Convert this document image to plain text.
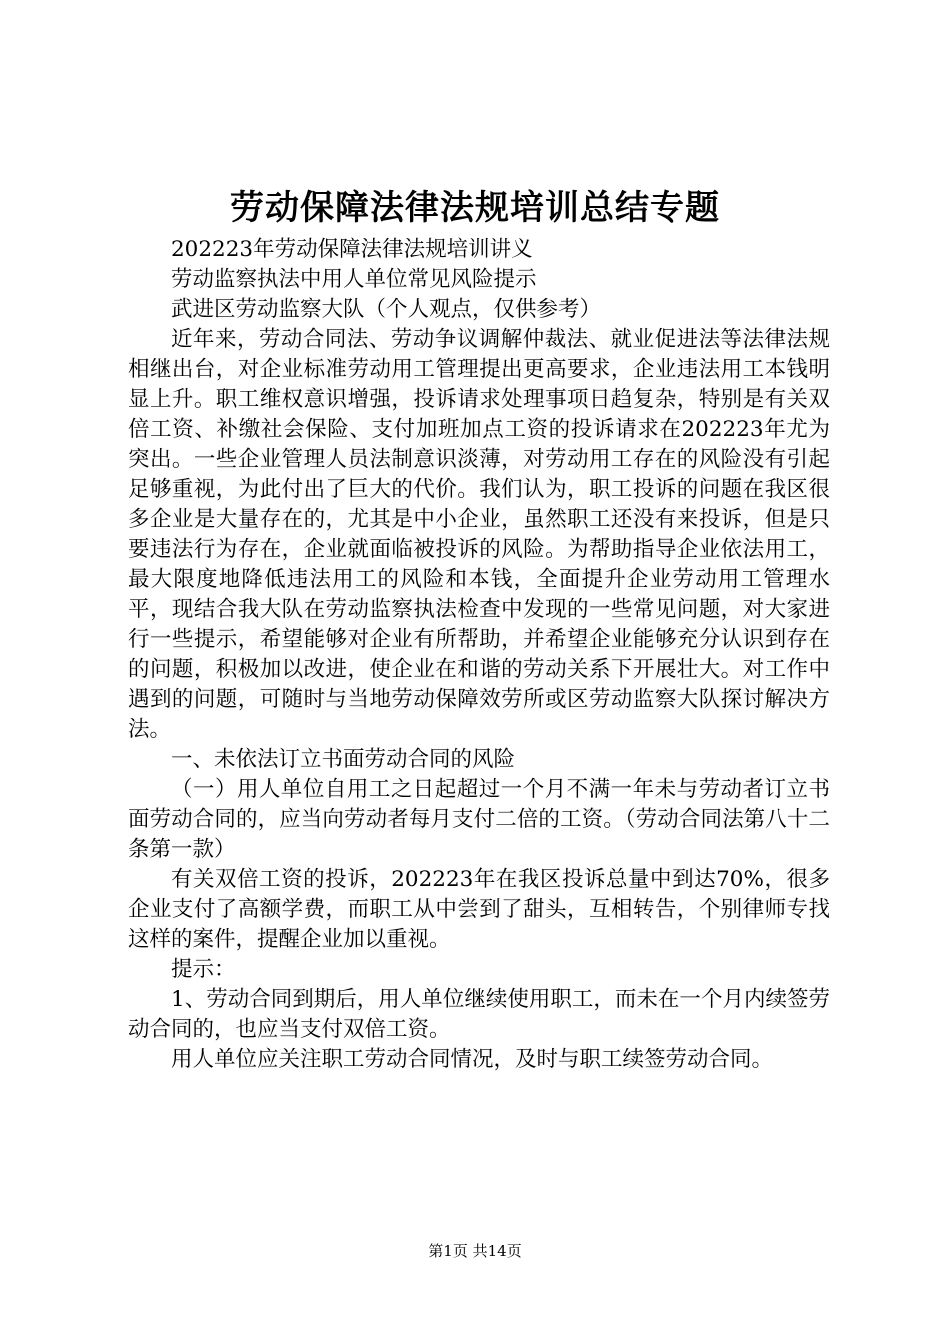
劳动保障法律法规培训总结专题

202223年劳动保障法律法规培训讲义

劳动监察执法中用人单位常见风险提示

武进区劳动监察大队（个人观点，仅供参考）

近年来，劳动合同法、劳动争议调解仲裁法、就业促进法等法律法规相继出台，对企业标准劳动用工管理提出更高要求，企业违法用工本钱明显上升。职工维权意识增强，投诉请求处理事项日趋复杂，特别是有关双倍工资、补缴社会保险、支付加班加点工资的投诉请求在202223年尤为突出。一些企业管理人员法制意识淡薄，对劳动用工存在的风险没有引起足够重视，为此付出了巨大的代价。我们认为，职工投诉的问题在我区很多企业是大量存在的，尤其是中小企业，虽然职工还没有来投诉，但是只要违法行为存在，企业就面临被投诉的风险。为帮助指导企业依法用工，最大限度地降低违法用工的风险和本钱，全面提升企业劳动用工管理水平，现结合我大队在劳动监察执法检查中发现的一些常见问题，对大家进行一些提示，希望能够对企业有所帮助，并希望企业能够充分认识到存在的问题，积极加以改进，使企业在和谐的劳动关系下开展壮大。对工作中遇到的问题，可随时与当地劳动保障效劳所或区劳动监察大队探讨解决方法。

一、未依法订立书面劳动合同的风险

（一）用人单位自用工之日起超过一个月不满一年未与劳动者订立书面劳动合同的，应当向劳动者每月支付二倍的工资。（劳动合同法第八十二条第一款）

有关双倍工资的投诉，202223年在我区投诉总量中到达70%，很多企业支付了高额学费，而职工从中尝到了甜头，互相转告，个别律师专找这样的案件，提醒企业加以重视。

提示：

1、劳动合同到期后，用人单位继续使用职工，而未在一个月内续签劳动合同的，也应当支付双倍工资。

用人单位应关注职工劳动合同情况，及时与职工续签劳动合同。

第1页 共14页
